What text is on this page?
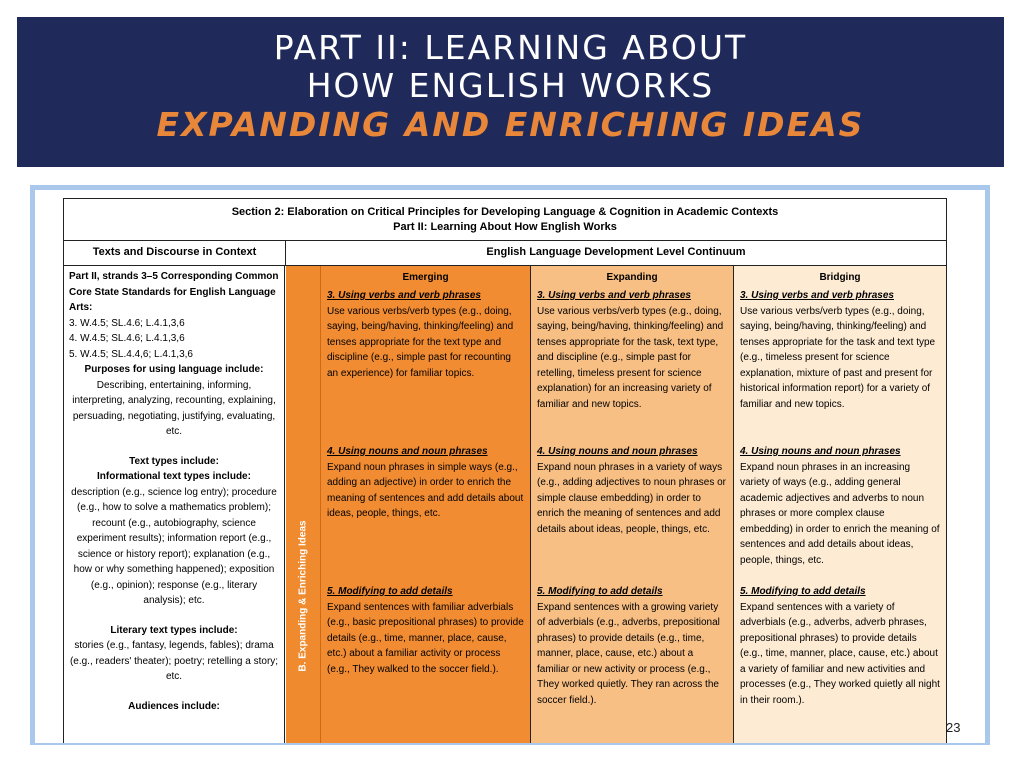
PART II: LEARNING ABOUT
HOW ENGLISH WORKS
EXPANDING AND ENRICHING IDEAS
Section 2: Elaboration on Critical Principles for Developing Language & Cognition in Academic Contexts
Part II: Learning About How English Works
Texts and Discourse in Context	English Language Development Level Continuum
Part II, strands 3–5 Corresponding Common Core State Standards for English Language Arts:
3. W.4.5; SL.4.6; L.4.1,3,6
4. W.4.5; SL.4.6; L.4.1,3,6
5. W.4.5; SL.4.4,6; L.4.1,3,6
Purposes for using language include:
Describing, entertaining, informing, interpreting, analyzing, recounting, explaining, persuading, negotiating, justifying, evaluating, etc.
Text types include:
Informational text types include:
description (e.g., science log entry); procedure (e.g., how to solve a mathematics problem); recount (e.g., autobiography, science experiment results); information report (e.g., science or history report); explanation (e.g., how or why something happened); exposition (e.g., opinion); response (e.g., literary analysis); etc.
Literary text types include:
stories (e.g., fantasy, legends, fables); drama (e.g., readers' theater); poetry; retelling a story; etc.
Audiences include:
B. Expanding & Enriching Ideas
Emerging
3. Using verbs and verb phrases
Use various verbs/verb types (e.g., doing, saying, being/having, thinking/feeling) and tenses appropriate for the text type and discipline (e.g., simple past for recounting an experience) for familiar topics.
4. Using nouns and noun phrases
Expand noun phrases in simple ways (e.g., adding an adjective) in order to enrich the meaning of sentences and add details about ideas, people, things, etc.
5. Modifying to add details
Expand sentences with familiar adverbials (e.g., basic prepositional phrases) to provide details (e.g., time, manner, place, cause, etc.) about a familiar activity or process (e.g., They walked to the soccer field.).
Expanding
3. Using verbs and verb phrases
Use various verbs/verb types (e.g., doing, saying, being/having, thinking/feeling) and tenses appropriate for the task, text type, and discipline (e.g., simple past for retelling, timeless present for science explanation) for an increasing variety of familiar and new topics.
4. Using nouns and noun phrases
Expand noun phrases in a variety of ways (e.g., adding adjectives to noun phrases or simple clause embedding) in order to enrich the meaning of sentences and add details about ideas, people, things, etc.
5. Modifying to add details
Expand sentences with a growing variety of adverbials (e.g., adverbs, prepositional phrases) to provide details (e.g., time, manner, place, cause, etc.) about a familiar or new activity or process (e.g., They worked quietly. They ran across the soccer field.).
Bridging
3. Using verbs and verb phrases
Use various verbs/verb types (e.g., doing, saying, being/having, thinking/feeling) and tenses appropriate for the task and text type (e.g., timeless present for science explanation, mixture of past and present for historical information report) for a variety of familiar and new topics.
4. Using nouns and noun phrases
Expand noun phrases in an increasing variety of ways (e.g., adding general academic adjectives and adverbs to noun phrases or more complex clause embedding) in order to enrich the meaning of sentences and add details about ideas, people, things, etc.
5. Modifying to add details
Expand sentences with a variety of adverbials (e.g., adverbs, adverb phrases, prepositional phrases) to provide details (e.g., time, manner, place, cause, etc.) about a variety of familiar and new activities and processes (e.g., They worked quietly all night in their room.).
23
